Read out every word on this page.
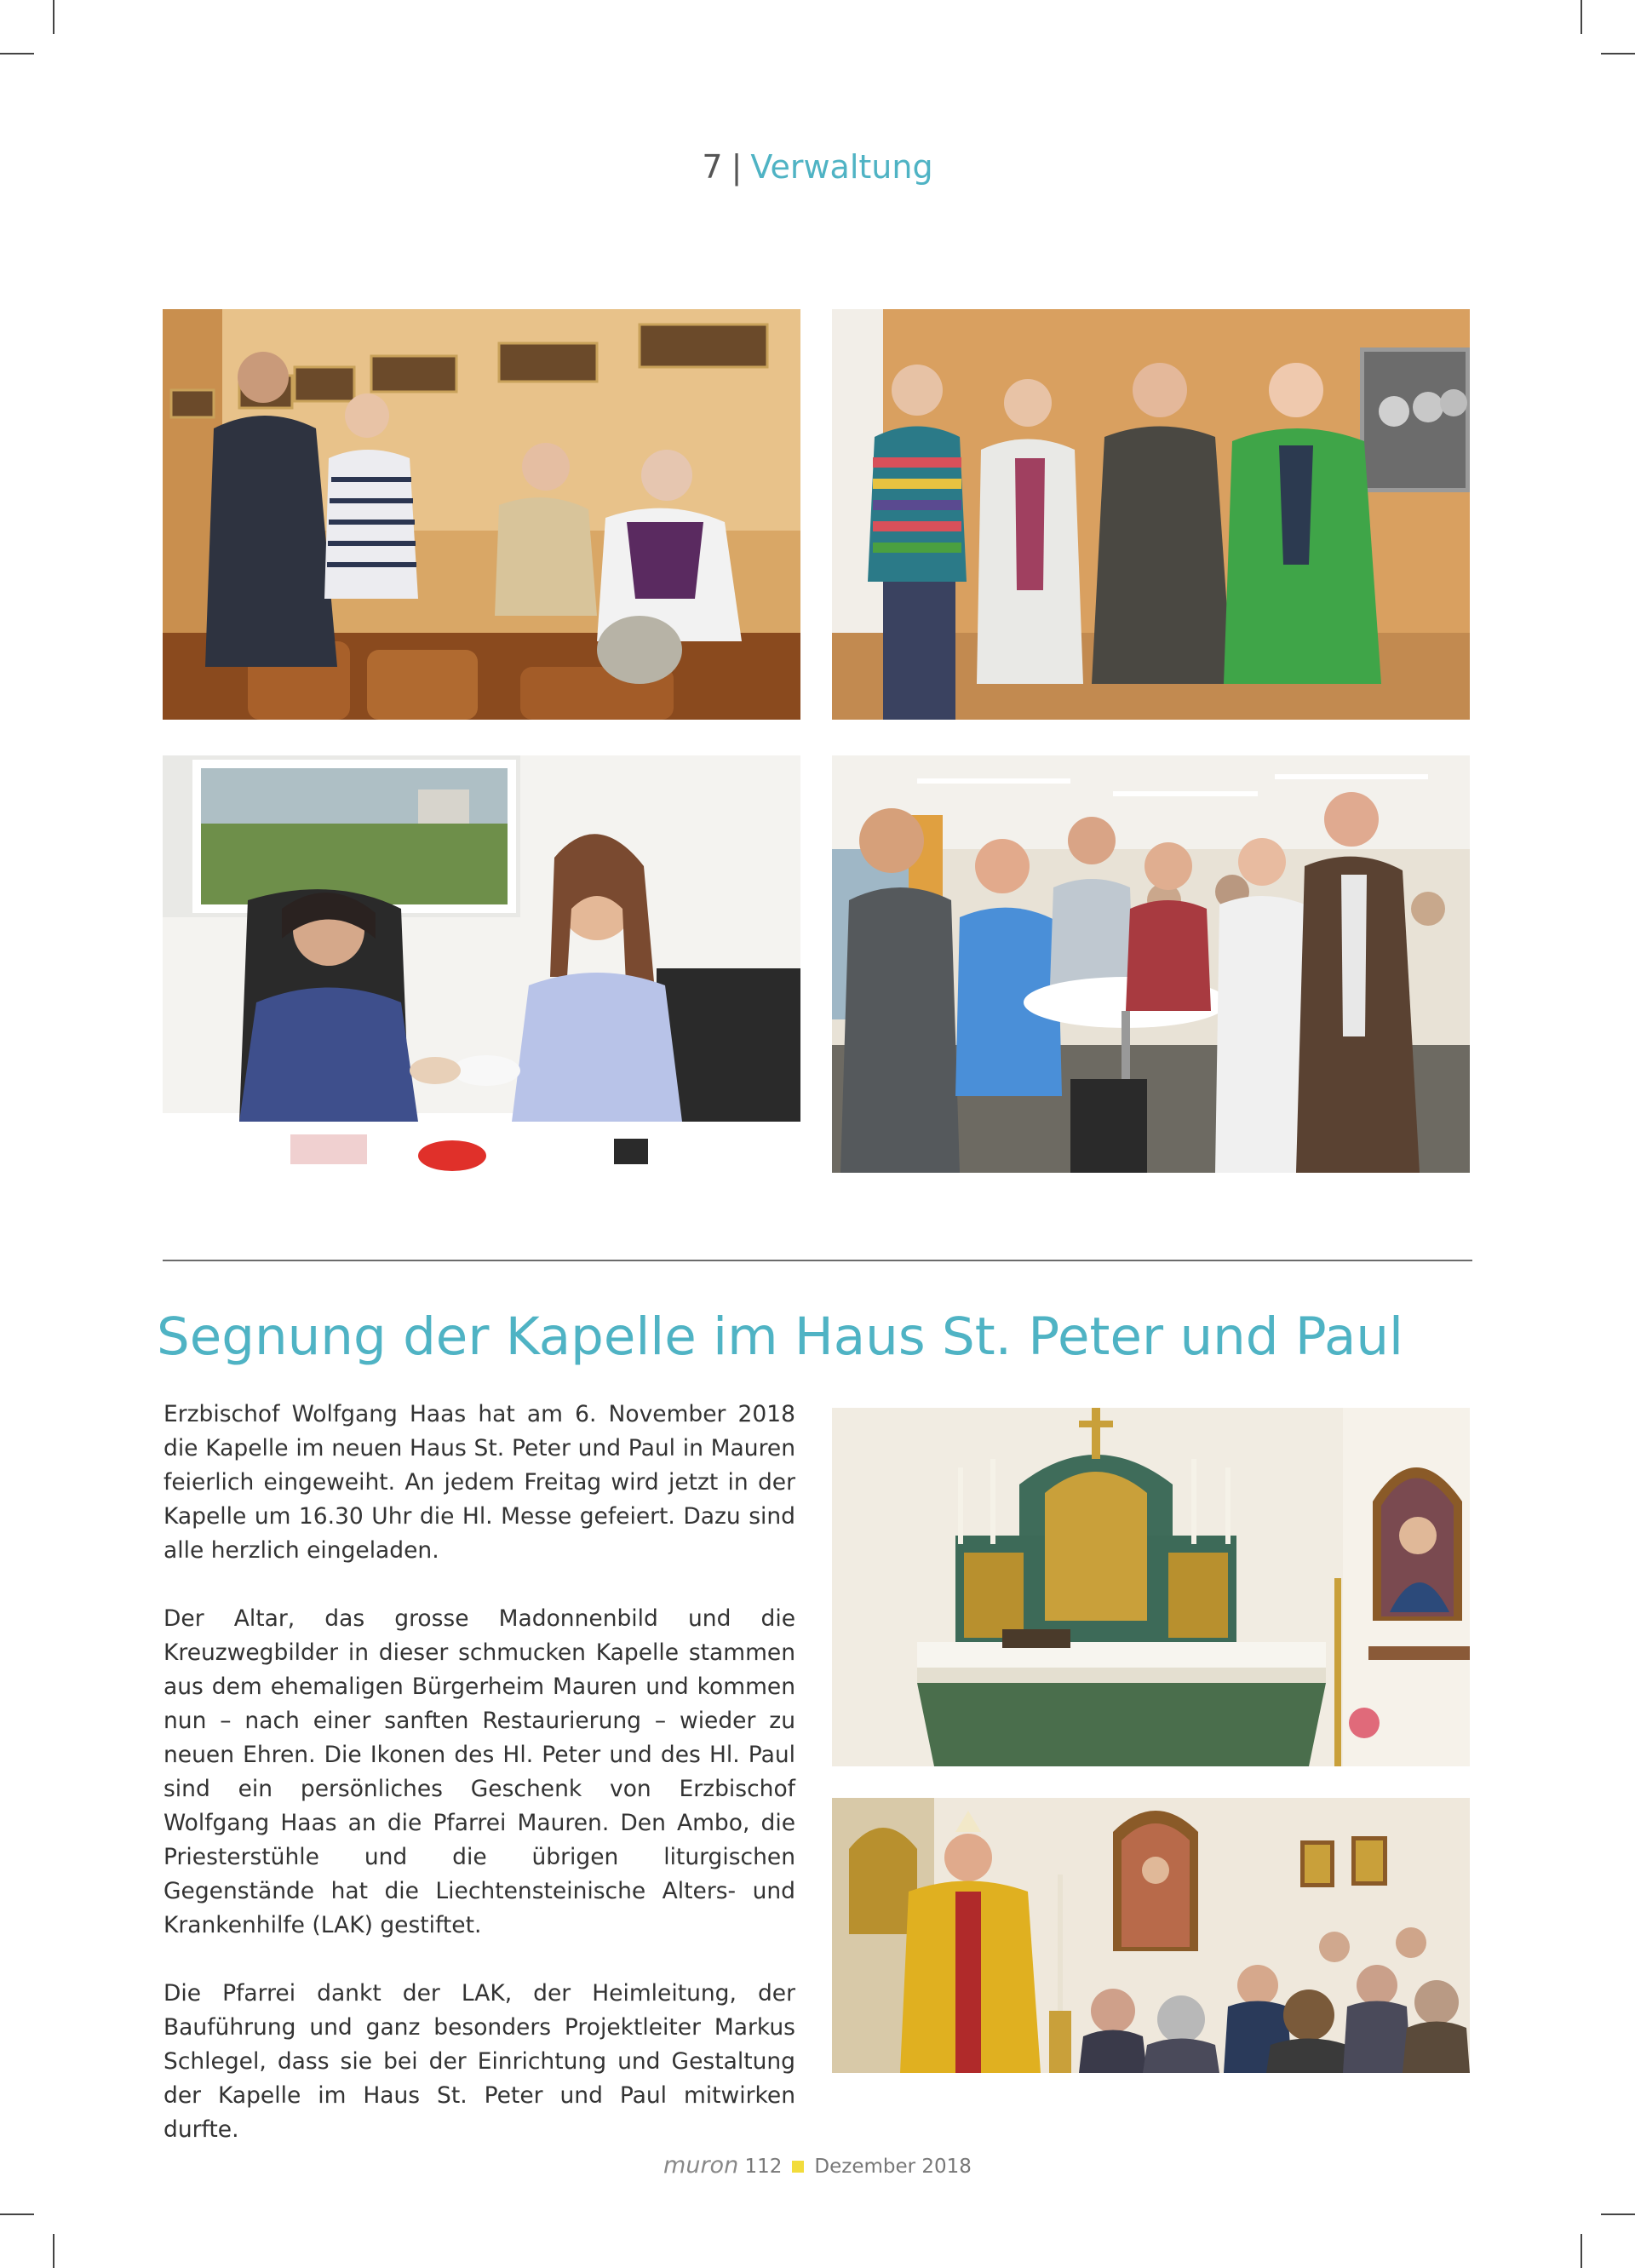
7 | Verwaltung
Segnung der Kapelle im Haus St. Peter und Paul

Erzbischof Wolfgang Haas hat am 6. November 2018 die Kapelle im neuen Haus St. Peter und Paul in Mauren feierlich eingeweiht. An jedem Freitag wird jetzt in der Kapelle um 16.30 Uhr die Hl. Messe gefeiert. Dazu sind alle herzlich eingeladen.

Der Altar, das grosse Madonnenbild und die Kreuzwegbilder in dieser schmucken Kapelle stammen aus dem ehemaligen Bürgerheim Mauren und kommen nun – nach einer sanften Restaurierung – wieder zu neuen Ehren. Die Ikonen des Hl. Peter und des Hl. Paul sind ein persönliches Geschenk von Erzbischof Wolfgang Haas an die Pfarrei Mauren. Den Ambo, die Priesterstühle und die übrigen liturgischen Gegenstände hat die Liechtensteinische Alters- und Krankenhilfe (LAK) gestiftet.

Die Pfarrei dankt der LAK, der Heimleitung, der Bauführung und ganz besonders Projektleiter Markus Schlegel, dass sie bei der Einrichtung und Gestaltung der Kapelle im Haus St. Peter und Paul mitwirken durfte.

muron 112 Dezember 2018
